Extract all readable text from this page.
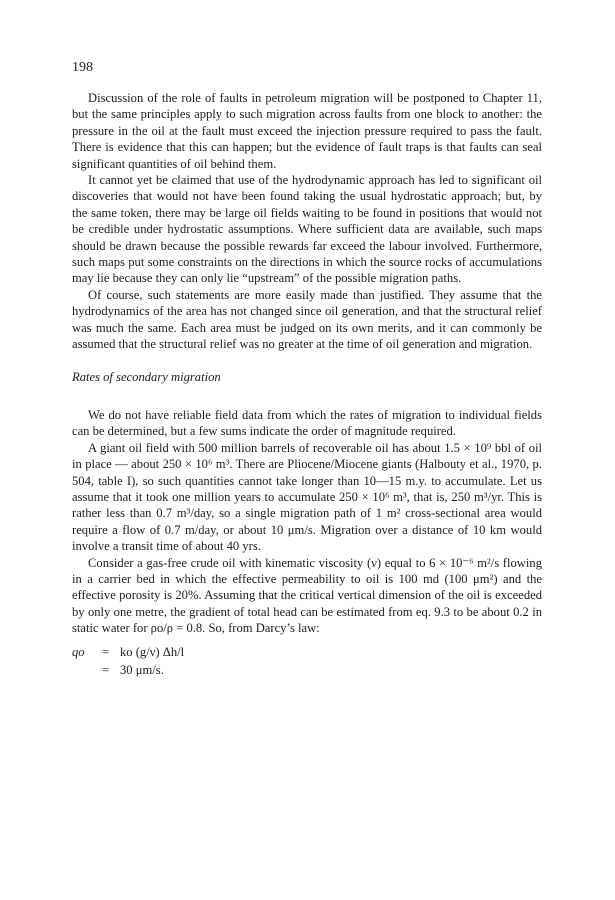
198

Discussion of the role of faults in petroleum migration will be postponed to Chapter 11, but the same principles apply to such migration across faults from one block to another: the pressure in the oil at the fault must exceed the injection pressure required to pass the fault. There is evidence that this can happen; but the evidence of fault traps is that faults can seal significant quantities of oil behind them.

It cannot yet be claimed that use of the hydrodynamic approach has led to significant oil discoveries that would not have been found taking the usual hydrostatic approach; but, by the same token, there may be large oil fields waiting to be found in positions that would not be credible under hydrostatic assumptions. Where sufficient data are available, such maps should be drawn because the possible rewards far exceed the labour involved. Furthermore, such maps put some constraints on the directions in which the source rocks of accumulations may lie because they can only lie “upstream” of the possible migration paths.

Of course, such statements are more easily made than justified. They assume that the hydrodynamics of the area has not changed since oil generation, and that the structural relief was much the same. Each area must be judged on its own merits, and it can commonly be assumed that the structural relief was no greater at the time of oil generation and migration.

Rates of secondary migration

We do not have reliable field data from which the rates of migration to individual fields can be determined, but a few sums indicate the order of magnitude required.

A giant oil field with 500 million barrels of recoverable oil has about 1.5 × 10⁹ bbl of oil in place — about 250 × 10⁶ m³. There are Pliocene/Miocene giants (Halbouty et al., 1970, p. 504, table I), so such quantities cannot take longer than 10—15 m.y. to accumulate. Let us assume that it took one million years to accumulate 250 × 10⁶ m³, that is, 250 m³/yr. This is rather less than 0.7 m³/day, so a single migration path of 1 m² cross-sectional area would require a flow of 0.7 m/day, or about 10 μm/s. Migration over a distance of 10 km would involve a transit time of about 40 yrs.

Consider a gas-free crude oil with kinematic viscosity (ν) equal to 6 × 10⁻⁶ m²/s flowing in a carrier bed in which the effective permeability to oil is 100 md (100 μm²) and the effective porosity is 20%. Assuming that the critical vertical dimension of the oil is exceeded by only one metre, the gradient of total head can be estimated from eq. 9.3 to be about 0.2 in static water for ρo/ρ = 0.8. So, from Darcy’s law:

qo	= ko (g/ν) Δh/l
= 30 μm/s.
